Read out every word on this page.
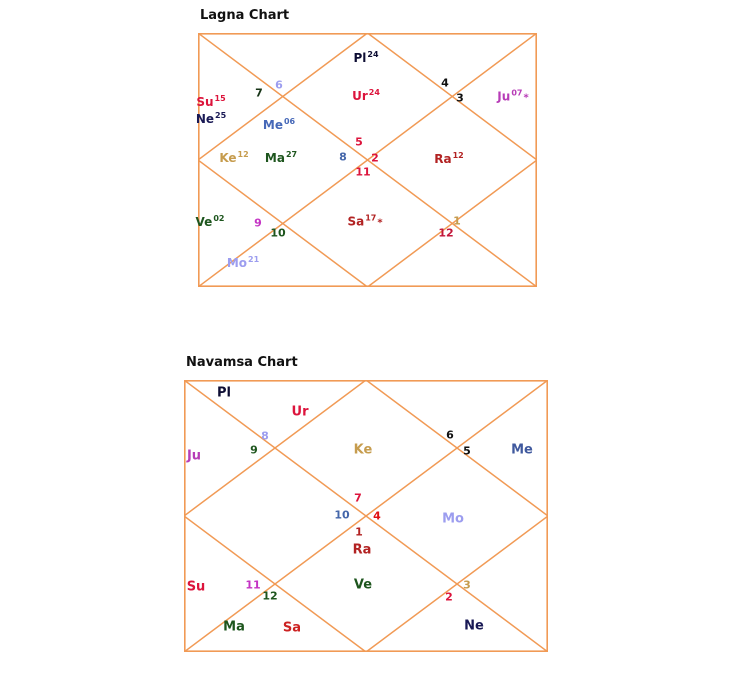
Lagna Chart
Pl$^{24}$
Ur$^{24}$	Ju$^{07}$*
Su$^{15}$
Ne$^{25}$
Me$^{06}$
Ke$^{12}$ Ma$^{27}$	Ra$^{12}$
Ve$^{02}$	Sa$^{17}$*
Mo$^{21}$
6
7
4
3
5
8 2
11
9
10
1
12
Navamsa Chart
Pl
Ur
Ju	Ke	Me
Mo
Ra
Su	Ve
Ma	Sa	Ne
8
9
6
5
7
10 4
1
11
12
3
2
